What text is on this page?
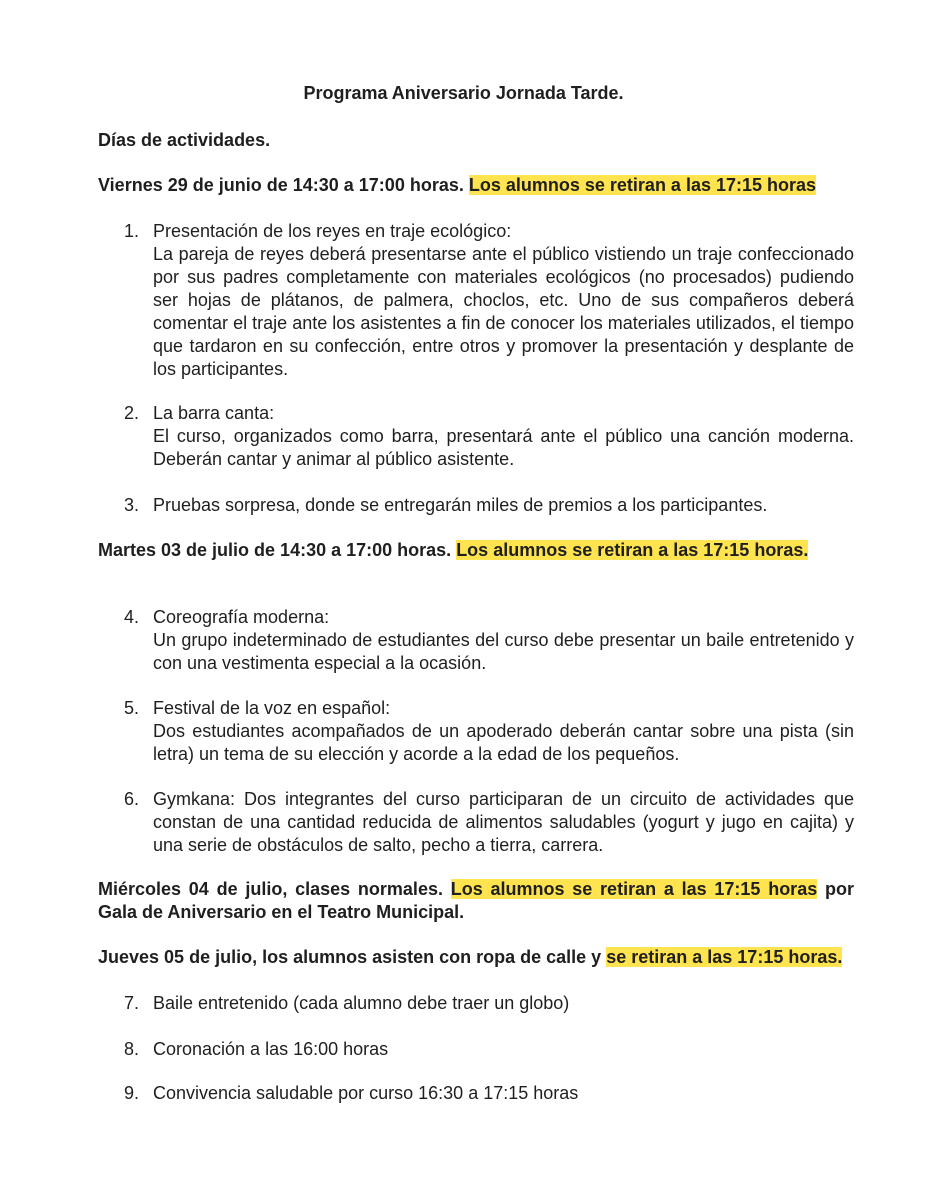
Programa Aniversario Jornada Tarde.
Días de actividades.
Viernes 29 de junio de 14:30 a 17:00 horas. Los alumnos se retiran a las 17:15 horas
1. Presentación de los reyes en traje ecológico:
La pareja de reyes deberá presentarse ante el público vistiendo un traje confeccionado por sus padres completamente con materiales ecológicos (no procesados) pudiendo ser hojas de plátanos, de palmera, choclos, etc. Uno de sus compañeros deberá comentar el traje ante los asistentes a fin de conocer los materiales utilizados, el tiempo que tardaron en su confección, entre otros y promover la presentación y desplante de los participantes.
2. La barra canta:
El curso, organizados como barra, presentará ante el público una canción moderna. Deberán cantar y animar al público asistente.
3. Pruebas sorpresa, donde se entregarán miles de premios a los participantes.
Martes 03 de julio de 14:30 a 17:00 horas. Los alumnos se retiran a las 17:15 horas.
4. Coreografía moderna:
Un grupo indeterminado de estudiantes del curso debe presentar un baile entretenido y con una vestimenta especial a la ocasión.
5. Festival de la voz en español:
Dos estudiantes acompañados de un apoderado deberán cantar sobre una pista (sin letra) un tema de su elección y acorde a la edad de los pequeños.
6. Gymkana: Dos integrantes del curso participaran de un circuito de actividades que constan de una cantidad reducida de alimentos saludables (yogurt y jugo en cajita) y una serie de obstáculos de salto, pecho a tierra, carrera.
Miércoles 04 de julio, clases normales. Los alumnos se retiran a las 17:15 horas por Gala de Aniversario en el Teatro Municipal.
Jueves 05 de julio, los alumnos asisten con ropa de calle y se retiran a las 17:15 horas.
7. Baile entretenido (cada alumno debe traer un globo)
8. Coronación a las 16:00 horas
9. Convivencia saludable por curso 16:30 a 17:15 horas
